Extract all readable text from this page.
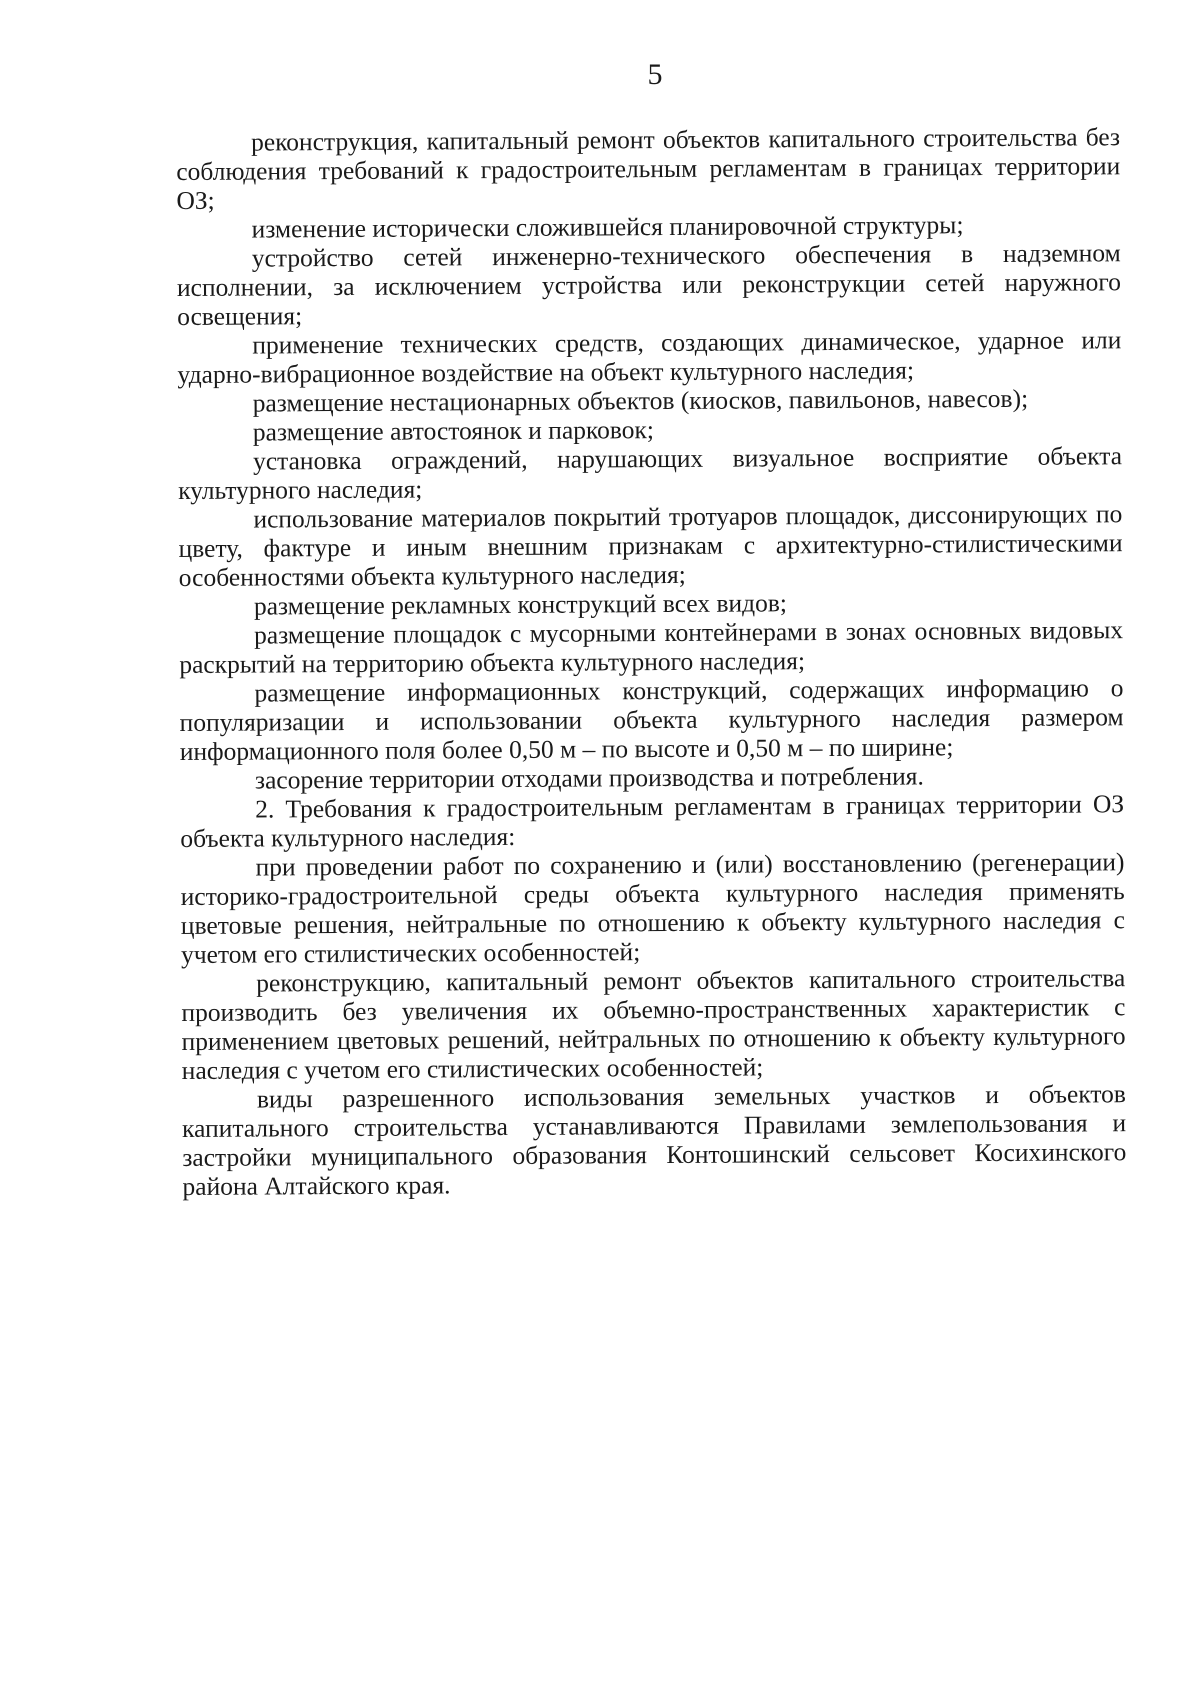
5

реконструкция, капитальный ремонт объектов капитального строительства без соблюдения требований к градостроительным регламентам в границах территории ОЗ;

изменение исторически сложившейся планировочной структуры;

устройство сетей инженерно-технического обеспечения в надземном исполнении, за исключением устройства или реконструкции сетей наружного освещения;

применение технических средств, создающих динамическое, ударное или ударно-вибрационное воздействие на объект культурного наследия;

размещение нестационарных объектов (киосков, павильонов, навесов);

размещение автостоянок и парковок;

установка ограждений, нарушающих визуальное восприятие объекта культурного наследия;

использование материалов покрытий тротуаров площадок, диссонирующих по цвету, фактуре и иным внешним признакам с архитектурно-стилистическими особенностями объекта культурного наследия;

размещение рекламных конструкций всех видов;

размещение площадок с мусорными контейнерами в зонах основных видовых раскрытий на территорию объекта культурного наследия;

размещение информационных конструкций, содержащих информацию о популяризации и использовании объекта культурного наследия размером информационного поля более 0,50 м – по высоте и 0,50 м – по ширине;

засорение территории отходами производства и потребления.

2. Требования к градостроительным регламентам в границах территории ОЗ объекта культурного наследия:

при проведении работ по сохранению и (или) восстановлению (регенерации) историко-градостроительной среды объекта культурного наследия применять цветовые решения, нейтральные по отношению к объекту культурного наследия с учетом его стилистических особенностей;

реконструкцию, капитальный ремонт объектов капитального строительства производить без увеличения их объемно-пространственных характеристик с применением цветовых решений, нейтральных по отношению к объекту культурного наследия с учетом его стилистических особенностей;

виды разрешенного использования земельных участков и объектов капитального строительства устанавливаются Правилами землепользования и застройки муниципального образования Контошинский сельсовет Косихинского района Алтайского края.
